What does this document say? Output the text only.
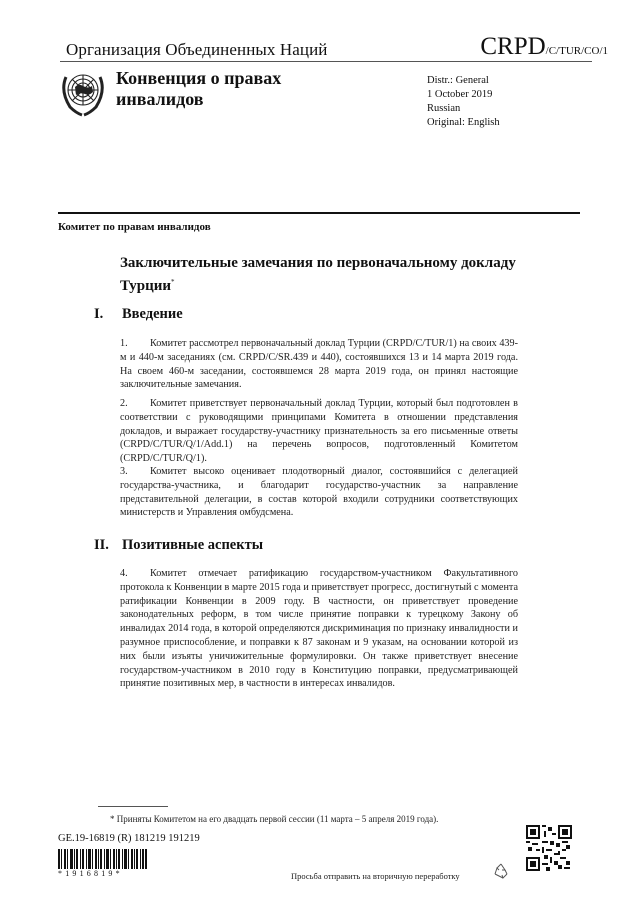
Организация Объединенных Наций	CRPD/C/TUR/CO/1
Конвенция о правах инвалидов
Distr.: General
1 October 2019
Russian
Original: English
Комитет по правам инвалидов
Заключительные замечания по первоначальному докладу Турции*
I. Введение
1. Комитет рассмотрел первоначальный доклад Турции (CRPD/C/TUR/1) на своих 439-м и 440-м заседаниях (см. CRPD/C/SR.439 и 440), состоявшихся 13 и 14 марта 2019 года. На своем 460-м заседании, состоявшемся 28 марта 2019 года, он принял настоящие заключительные замечания.
2. Комитет приветствует первоначальный доклад Турции, который был подготовлен в соответствии с руководящими принципами Комитета в отношении представления докладов, и выражает государству-участнику признательность за его письменные ответы (CRPD/C/TUR/Q/1/Add.1) на перечень вопросов, подготовленный Комитетом (CRPD/C/TUR/Q/1).
3. Комитет высоко оценивает плодотворный диалог, состоявшийся с делегацией государства-участника, и благодарит государство-участник за направление представительной делегации, в состав которой входили сотрудники соответствующих министерств и Управления омбудсмена.
II. Позитивные аспекты
4. Комитет отмечает ратификацию государством-участником Факультативного протокола к Конвенции в марте 2015 года и приветствует прогресс, достигнутый с момента ратификации Конвенции в 2009 году. В частности, он приветствует проведение законодательных реформ, в том числе принятие поправки к турецкому Закону об инвалидах 2014 года, в которой определяются дискриминация по признаку инвалидности и разумное приспособление, и поправки к 87 законам и 9 указам, на основании которой из них были изъяты уничижительные формулировки. Он также приветствует внесение государством-участником в 2010 году в Конституцию поправки, предусматривающей принятие позитивных мер, в частности в интересах инвалидов.
* Приняты Комитетом на его двадцать первой сессии (11 марта – 5 апреля 2019 года).
GE.19-16819 (R) 181219 191219
*1916819*	Просьба отправить на вторичную переработку
